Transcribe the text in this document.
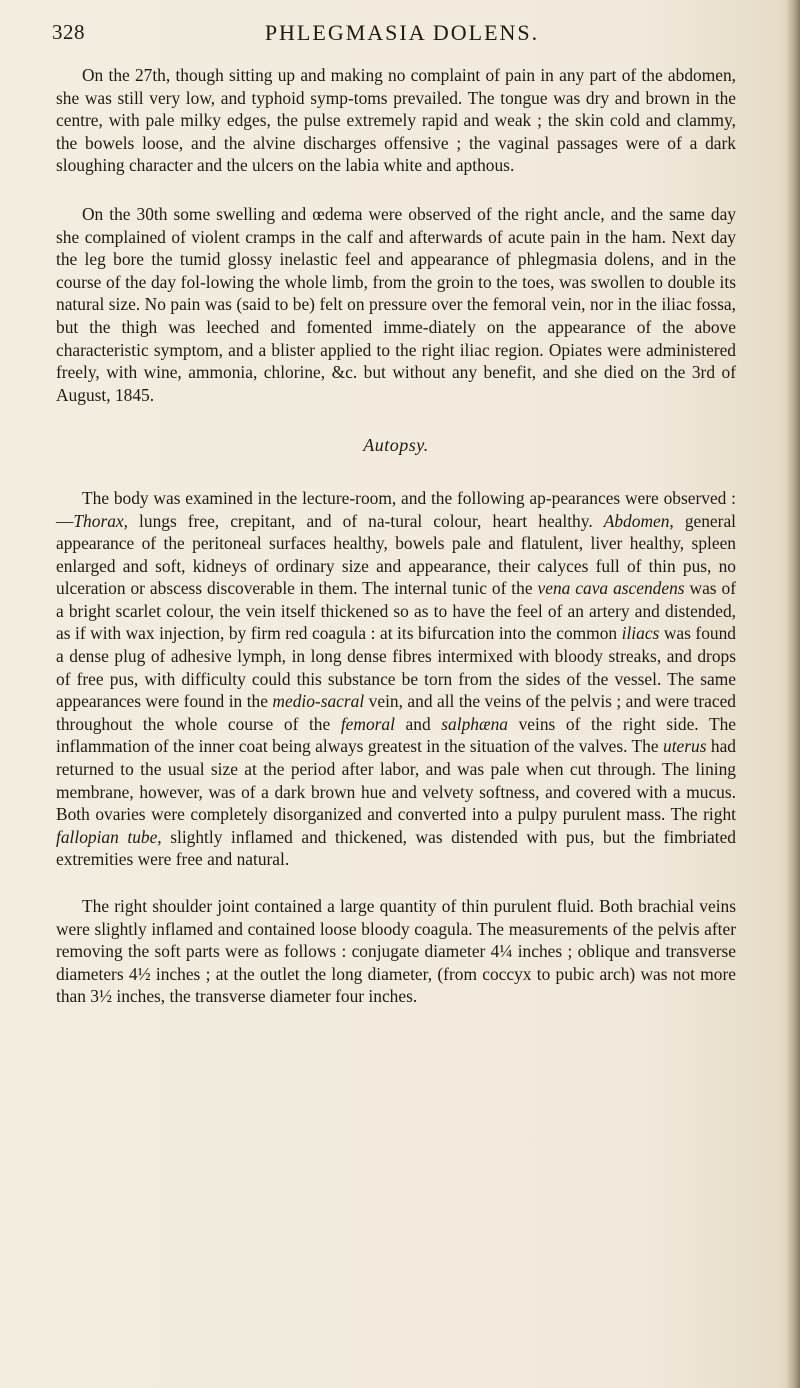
328	PHLEGMASIA DOLENS.

On the 27th, though sitting up and making no complaint of pain in any part of the abdomen, she was still very low, and typhoid symp-toms prevailed. The tongue was dry and brown in the centre, with pale milky edges, the pulse extremely rapid and weak ; the skin cold and clammy, the bowels loose, and the alvine discharges offensive ; the vaginal passages were of a dark sloughing character and the ulcers on the labia white and apthous.

On the 30th some swelling and œdema were observed of the right ancle, and the same day she complained of violent cramps in the calf and afterwards of acute pain in the ham. Next day the leg bore the tumid glossy inelastic feel and appearance of phlegmasia dolens, and in the course of the day fol-lowing the whole limb, from the groin to the toes, was swollen to double its natural size. No pain was (said to be) felt on pressure over the femoral vein, nor in the iliac fossa, but the thigh was leeched and fomented imme-diately on the appearance of the above characteristic symptom, and a blister applied to the right iliac region. Opiates were administered freely, with wine, ammonia, chlorine, &c. but without any benefit, and she died on the 3rd of August, 1845.

Autopsy.

The body was examined in the lecture-room, and the following ap-pearances were observed :—Thorax, lungs free, crepitant, and of na-tural colour, heart healthy. Abdomen, general appearance of the peritoneal surfaces healthy, bowels pale and flatulent, liver healthy, spleen enlarged and soft, kidneys of ordinary size and appearance, their calyces full of thin pus, no ulceration or abscess discoverable in them. The internal tunic of the vena cava ascendens was of a bright scarlet colour, the vein itself thickened so as to have the feel of an artery and distended, as if with wax injection, by firm red coagula : at its bifurcation into the common iliacs was found a dense plug of adhesive lymph, in long dense fibres intermixed with bloody streaks, and drops of free pus, with difficulty could this substance be torn from the sides of the vessel. The same appearances were found in the medio-sacral vein, and all the veins of the pelvis ; and were traced throughout the whole course of the femoral and salphæna veins of the right side. The inflammation of the inner coat being always greatest in the situation of the valves. The uterus had returned to the usual size at the period after labor, and was pale when cut through. The lining membrane, however, was of a dark brown hue and velvety softness, and covered with a mucus. Both ovaries were completely disorganized and converted into a pulpy purulent mass. The right fallopian tube, slightly inflamed and thickened, was distended with pus, but the fimbriated extremities were free and natural.

The right shoulder joint contained a large quantity of thin purulent fluid. Both brachial veins were slightly inflamed and contained loose bloody coagula. The measurements of the pelvis after removing the soft parts were as follows : conjugate diameter 4¼ inches ; oblique and transverse diameters 4½ inches ; at the outlet the long diameter, (from coccyx to pubic arch) was not more than 3½ inches, the transverse diameter four inches.
